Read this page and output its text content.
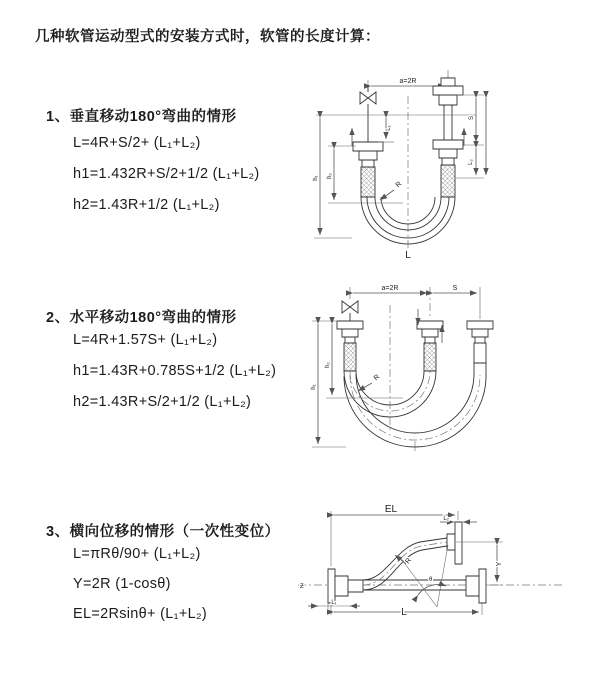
几种软管运动型式的安装方式时，软管的长度计算：
1、垂直移动180°弯曲的情形
L=4R+S/2+ (L₁+L₂)
h1=1.432R+S/2+1/2 (L₁+L₂)
h2=1.43R+1/2 (L₁+L₂)
a=2R
h₁ h₂
L₁
S
L₂
R
L
2、水平移动180°弯曲的情形
L=4R+1.57S+ (L₁+L₂)
h1=1.43R+0.785S+1/2 (L₁+L₂)
h2=1.43R+S/2+1/2 (L₁+L₂)
a=2R	S
h₁
h₂
R
3、横向位移的情形（一次性变位）
L=πRθ/90+ (L₁+L₂)
Y=2R (1-cosθ)
EL=2Rsinθ+ (L₁+L₂)
Ƶ
EL
L₂
Y
θ
R
L₁
L
